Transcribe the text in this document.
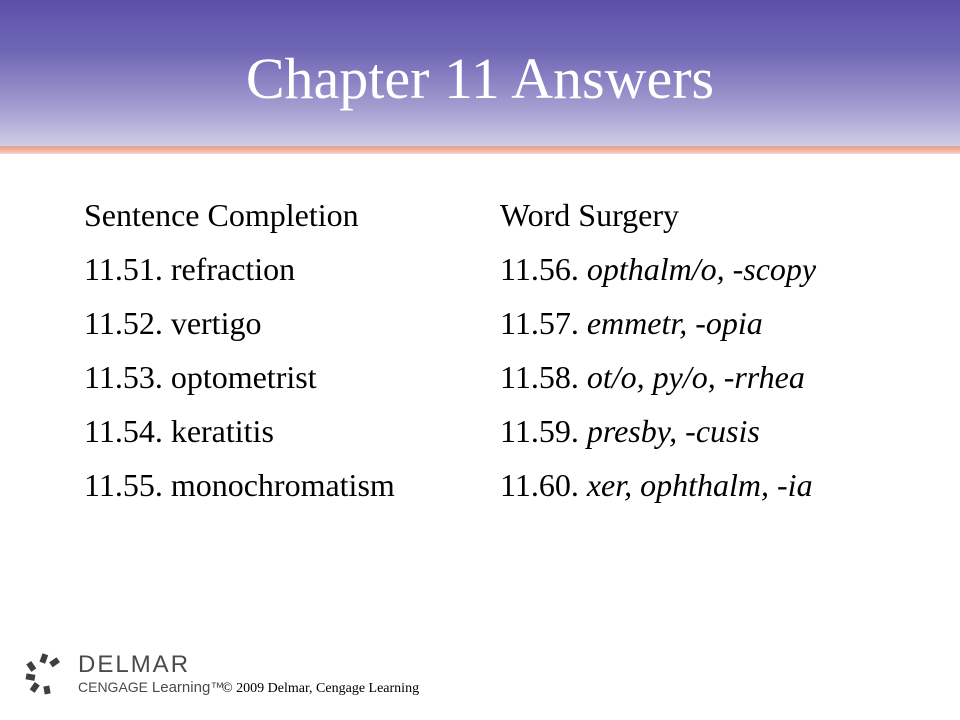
Chapter 11 Answers
Sentence Completion
11.51. refraction
11.52. vertigo
11.53. optometrist
11.54. keratitis
11.55. monochromatism
Word Surgery
11.56. opthalm/o, -scopy
11.57. emmetr, -opia
11.58. ot/o, py/o, -rrhea
11.59. presby, -cusis
11.60. xer, ophthalm, -ia
DELMAR
CENGAGE Learning™
© 2009 Delmar, Cengage Learning
